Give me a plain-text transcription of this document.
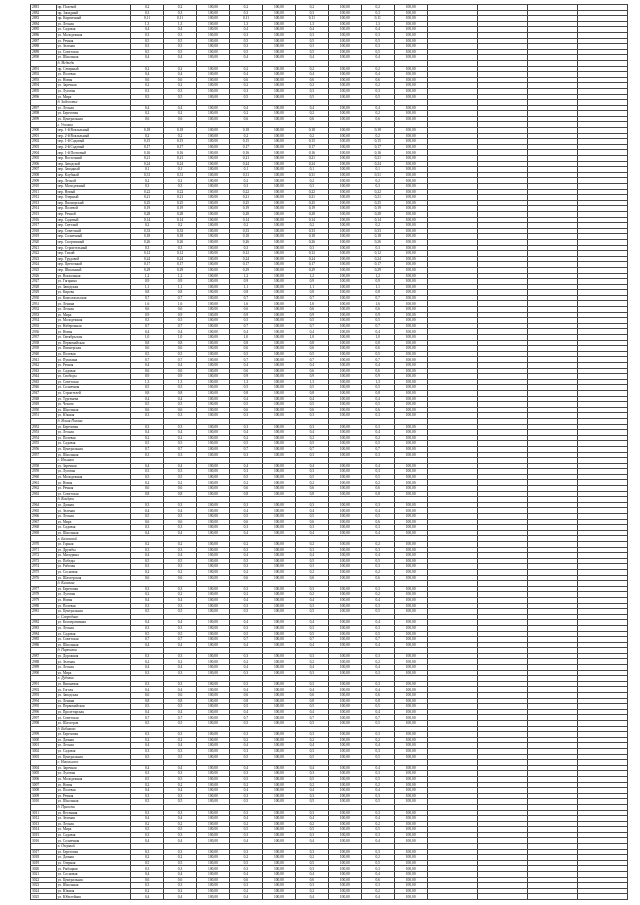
2881	пр. Полевой	0,2	0,2	100,00	0,2	100,00	0,2	100,00	0,2	100,00				
2882	пр. Западный	0,3	0,3	100,00	0,3	100,00	0,3	100,00	0,3	100,00				
2883	пр. Кирпичный	0,11	0,11	100,00	0,11	100,00	0,11	100,00	0,11	100,00				
2884	ул. Лесная	1,3	1,3	100,00	1,3	100,00	1,3	100,00	1,3	100,00				
2885	ул. Садовая	0,4	0,4	100,00	0,4	100,00	0,4	100,00	0,4	100,00				
2886	ул. Молодежная	0,3	0,3	100,00	0,3	100,00	0,3	100,00	0,3	100,00				
2887	ул. Речная	0,5	0,5	100,00	0,5	100,00	0,5	100,00	0,5	100,00				
2888	ул. Зеленая	0,3	0,3	100,00	0,3	100,00	0,3	100,00	0,3	100,00				
2889	ул. Советская	0,5	0,5	100,00	0,5	100,00	0,5	100,00	0,5	100,00				
2890	ул. Школьная	0,4	0,4	100,00	0,4	100,00	0,4	100,00	0,4	100,00				
	д. Медведь													
2891	пр. Северный	0,2	0,2	100,00	0,2	100,00	0,2	100,00	0,2	100,00				
2892	ул. Полевая	0,4	0,4	100,00	0,4	100,00	0,4	100,00	0,4	100,00				
2893	ул. Новая	0,6	0,6	100,00	0,6	100,00	0,6	100,00	0,6	100,00				
2894	ул. Заречная	0,2	0,2	100,00	0,2	100,00	0,2	100,00	0,2	100,00				
2895	ул. Луговая	0,3	0,3	100,00	0,3	100,00	0,3	100,00	0,3	100,00				
2896	ул. Мира	0,5	0,5	100,00	0,5	100,00	0,5	100,00	0,5	100,00				
	д. Заболотье													
2897	ул. Лесная	0,4	0,4	100,00	0,4	100,00	0,4	100,00	0,4	100,00				
2898	ул. Береговая	0,2	0,2	100,00	0,2	100,00	0,2	100,00	0,2	100,00				
2899	ул. Центральная	0,6	0,6	100,00	0,6	100,00	0,6	100,00	0,6	100,00				
	г. Узловая													
2900	пер. 1-й Вокзальный	0,18	0,18	100,00	0,18	100,00	0,18	100,00	0,18	100,00				
2901	пер. 2-й Вокзальный	0,2	0,2	100,00	0,2	100,00	0,2	100,00	0,2	100,00				
2902	пер. 1-й Садовый	0,15	0,15	100,00	0,15	100,00	0,15	100,00	0,15	100,00				
2903	пер. 2-й Садовый	0,17	0,17	100,00	0,17	100,00	0,17	100,00	0,17	100,00				
2904	пер. 1-й Почтовый	0,16	0,16	100,00	0,16	100,00	0,16	100,00	0,16	100,00				
2905	пер. Восточный	0,21	0,21	100,00	0,21	100,00	0,21	100,00	0,21	100,00				
2906	пер. Заводской	0,24	0,24	100,00	0,24	100,00	0,24	100,00	0,24	100,00				
2907	пер. Западный	0,1	0,1	100,00	0,1	100,00	0,1	100,00	0,1	100,00				
2908	пер. Клубный	0,31	0,31	100,00	0,31	100,00	0,31	100,00	0,31	100,00				
2909	пер. Лесной	0,2	0,2	100,00	0,2	100,00	0,2	100,00	0,2	100,00				
2910	пер. Молодежный	0,3	0,3	100,00	0,3	100,00	0,3	100,00	0,3	100,00				
2911	пер. Новый	0,22	0,22	100,00	0,22	100,00	0,22	100,00	0,22	100,00				
2912	пер. Озерный	0,21	0,21	100,00	0,21	100,00	0,21	100,00	0,21	100,00				
2913	пер. Пионерский	0,25	0,25	100,00	0,25	100,00	0,25	100,00	0,25	100,00				
2914	пер. Полевой	0,19	0,19	100,00	0,19	100,00	0,19	100,00	0,19	100,00				
2915	пер. Речной	0,28	0,28	100,00	0,28	100,00	0,28	100,00	0,28	100,00				
2916	пер. Садовый	0,14	0,14	100,00	0,14	100,00	0,14	100,00	0,14	100,00				
2917	пер. Светлый	0,2	0,2	100,00	0,2	100,00	0,2	100,00	0,2	100,00				
2918	пер. Советский	0,33	0,33	100,00	0,33	100,00	0,33	100,00	0,33	100,00				
2919	пер. Солнечный	0,18	0,18	100,00	0,18	100,00	0,18	100,00	0,18	100,00				
2920	пер. Спортивный	0,26	0,26	100,00	0,26	100,00	0,26	100,00	0,26	100,00				
2921	пер. Строительный	0,3	0,3	100,00	0,3	100,00	0,3	100,00	0,3	100,00				
2922	пер. Тихий	0,12	0,12	100,00	0,12	100,00	0,12	100,00	0,12	100,00				
2923	пер. Трудовой	0,24	0,24	100,00	0,24	100,00	0,24	100,00	0,24	100,00				
2924	пер. Цветочный	0,17	0,17	100,00	0,17	100,00	0,17	100,00	0,17	100,00				
2925	пер. Школьный	0,29	0,29	100,00	0,29	100,00	0,29	100,00	0,29	100,00				
2926	ул. Вокзальная	1,2	1,2	100,00	1,2	100,00	1,2	100,00	1,2	100,00				
2927	ул. Гагарина	0,9	0,9	100,00	0,9	100,00	0,9	100,00	0,9	100,00				
2928	ул. Заводская	1,1	1,1	100,00	1,1	100,00	1,1	100,00	1,1	100,00				
2929	ул. Кирова	0,8	0,8	100,00	0,8	100,00	0,8	100,00	0,8	100,00				
2930	ул. Комсомольская	0,7	0,7	100,00	0,7	100,00	0,7	100,00	0,7	100,00				
2931	ул. Ленина	1,6	1,6	100,00	1,6	100,00	1,6	100,00	1,6	100,00				
2932	ул. Лесная	0,6	0,6	100,00	0,6	100,00	0,6	100,00	0,6	100,00				
2933	ул. Мира	0,9	0,9	100,00	0,9	100,00	0,9	100,00	0,9	100,00				
2934	ул. Молодежная	0,5	0,5	100,00	0,5	100,00	0,5	100,00	0,5	100,00				
2935	ул. Набережная	0,7	0,7	100,00	0,7	100,00	0,7	100,00	0,7	100,00				
2936	ул. Новая	0,4	0,4	100,00	0,4	100,00	0,4	100,00	0,4	100,00				
2937	ул. Октябрьская	1,0	1,0	100,00	1,0	100,00	1,0	100,00	1,0	100,00				
2938	ул. Первомайская	0,8	0,8	100,00	0,8	100,00	0,8	100,00	0,8	100,00				
2939	ул. Пионерская	0,6	0,6	100,00	0,6	100,00	0,6	100,00	0,6	100,00				
2940	ул. Полевая	0,5	0,5	100,00	0,5	100,00	0,5	100,00	0,5	100,00				
2941	ул. Пушкина	0,7	0,7	100,00	0,7	100,00	0,7	100,00	0,7	100,00				
2942	ул. Речная	0,4	0,4	100,00	0,4	100,00	0,4	100,00	0,4	100,00				
2943	ул. Садовая	0,6	0,6	100,00	0,6	100,00	0,6	100,00	0,6	100,00				
2944	ул. Свободы	0,9	0,9	100,00	0,9	100,00	0,9	100,00	0,9	100,00				
2945	ул. Советская	1,3	1,3	100,00	1,3	100,00	1,3	100,00	1,3	100,00				
2946	ул. Солнечная	0,5	0,5	100,00	0,5	100,00	0,5	100,00	0,5	100,00				
2947	ул. Строителей	0,8	0,8	100,00	0,8	100,00	0,8	100,00	0,8	100,00				
2948	ул. Тургенева	0,4	0,4	100,00	0,4	100,00	0,4	100,00	0,4	100,00				
2949	ул. Чехова	0,5	0,5	100,00	0,5	100,00	0,5	100,00	0,5	100,00				
2950	ул. Школьная	0,6	0,6	100,00	0,6	100,00	0,6	100,00	0,6	100,00				
2951	ул. Южная	0,3	0,3	100,00	0,3	100,00	0,3	100,00	0,3	100,00				
	д. Ясная Поляна													
2952	ул. Березовая	0,3	0,3	100,00	0,3	100,00	0,3	100,00	0,3	100,00				
2953	ул. Лесная	0,4	0,4	100,00	0,4	100,00	0,4	100,00	0,4	100,00				
2954	ул. Полевая	0,2	0,2	100,00	0,2	100,00	0,2	100,00	0,2	100,00				
2955	ул. Садовая	0,5	0,5	100,00	0,5	100,00	0,5	100,00	0,5	100,00				
2956	ул. Центральная	0,7	0,7	100,00	0,7	100,00	0,7	100,00	0,7	100,00				
2957	ул. Школьная	0,3	0,3	100,00	0,3	100,00	0,3	100,00	0,3	100,00				
	с. Ильинка													
2958	ул. Заречная	0,4	0,4	100,00	0,4	100,00	0,4	100,00	0,4	100,00				
2959	ул. Луговая	0,3	0,3	100,00	0,3	100,00	0,3	100,00	0,3	100,00				
2960	ул. Молодежная	0,5	0,5	100,00	0,5	100,00	0,5	100,00	0,5	100,00				
2961	ул. Новая	0,2	0,2	100,00	0,2	100,00	0,2	100,00	0,2	100,00				
2962	ул. Речная	0,6	0,6	100,00	0,6	100,00	0,6	100,00	0,6	100,00				
2963	ул. Советская	0,8	0,8	100,00	0,8	100,00	0,8	100,00	0,8	100,00				
	д. Кондуки													
2964	ул. Дачная	0,3	0,3	100,00	0,3	100,00	0,3	100,00	0,3	100,00				
2965	ул. Зеленая	0,4	0,4	100,00	0,4	100,00	0,4	100,00	0,4	100,00				
2966	ул. Лесная	0,5	0,5	100,00	0,5	100,00	0,5	100,00	0,5	100,00				
2967	ул. Мира	0,6	0,6	100,00	0,6	100,00	0,6	100,00	0,6	100,00				
2968	ул. Садовая	0,3	0,3	100,00	0,3	100,00	0,3	100,00	0,3	100,00				
2969	ул. Школьная	0,4	0,4	100,00	0,4	100,00	0,4	100,00	0,4	100,00				
	п. Бачевский													
2970	ул. Горная	0,2	0,2	100,00	0,2	100,00	0,2	100,00	0,2	100,00				
2971	ул. Дружбы	0,3	0,3	100,00	0,3	100,00	0,3	100,00	0,3	100,00				
2972	ул. Мичурина	0,4	0,4	100,00	0,4	100,00	0,4	100,00	0,4	100,00				
2973	ул. Победы	0,5	0,5	100,00	0,5	100,00	0,5	100,00	0,5	100,00				
2974	ул. Рабочая	0,3	0,3	100,00	0,3	100,00	0,3	100,00	0,3	100,00				
2975	ул. Сосновая	0,2	0,2	100,00	0,2	100,00	0,2	100,00	0,2	100,00				
2976	ул. Шахтерская	0,6	0,6	100,00	0,6	100,00	0,6	100,00	0,6	100,00				
	д. Каменка													
2977	ул. Береговая	0,3	0,3	100,00	0,3	100,00	0,3	100,00	0,3	100,00				
2978	ул. Луговая	0,2	0,2	100,00	0,2	100,00	0,2	100,00	0,2	100,00				
2979	ул. Новая	0,4	0,4	100,00	0,4	100,00	0,4	100,00	0,4	100,00				
2980	ул. Полевая	0,3	0,3	100,00	0,3	100,00	0,3	100,00	0,3	100,00				
2981	ул. Центральная	0,5	0,5	100,00	0,5	100,00	0,5	100,00	0,5	100,00				
	с. Смородино													
2982	ул. Кооперативная	0,4	0,4	100,00	0,4	100,00	0,4	100,00	0,4	100,00				
2983	ул. Лесная	0,3	0,3	100,00	0,3	100,00	0,3	100,00	0,3	100,00				
2984	ул. Садовая	0,5	0,5	100,00	0,5	100,00	0,5	100,00	0,5	100,00				
2985	ул. Советская	0,7	0,7	100,00	0,7	100,00	0,7	100,00	0,7	100,00				
2986	ул. Школьная	0,4	0,4	100,00	0,4	100,00	0,4	100,00	0,4	100,00				
	д. Партизан													
2987	ул. Дорожная	0,3	0,3	100,00	0,3	100,00	0,3	100,00	0,3	100,00				
2988	ул. Зеленая	0,2	0,2	100,00	0,2	100,00	0,2	100,00	0,2	100,00				
2989	ул. Лесная	0,4	0,4	100,00	0,4	100,00	0,4	100,00	0,4	100,00				
2990	ул. Мира	0,3	0,3	100,00	0,3	100,00	0,3	100,00	0,3	100,00				
	п. Дубовка													
2991	ул. Вишневая	0,3	0,3	100,00	0,3	100,00	0,3	100,00	0,3	100,00				
2992	ул. Гоголя	0,4	0,4	100,00	0,4	100,00	0,4	100,00	0,4	100,00				
2993	ул. Заводская	0,6	0,6	100,00	0,6	100,00	0,6	100,00	0,6	100,00				
2994	ул. Ленина	0,8	0,8	100,00	0,8	100,00	0,8	100,00	0,8	100,00				
2995	ул. Первомайская	0,5	0,5	100,00	0,5	100,00	0,5	100,00	0,5	100,00				
2996	ул. Пролетарская	0,4	0,4	100,00	0,4	100,00	0,4	100,00	0,4	100,00				
2997	ул. Советская	0,7	0,7	100,00	0,7	100,00	0,7	100,00	0,7	100,00				
2998	ул. Шахтеров	0,5	0,5	100,00	0,5	100,00	0,5	100,00	0,5	100,00				
	д. Бибиково													
2999	ул. Березовая	0,3	0,3	100,00	0,3	100,00	0,3	100,00	0,3	100,00				
3000	ул. Дачная	0,2	0,2	100,00	0,2	100,00	0,2	100,00	0,2	100,00				
3001	ул. Лесная	0,4	0,4	100,00	0,4	100,00	0,4	100,00	0,4	100,00				
3002	ул. Садовая	0,3	0,3	100,00	0,3	100,00	0,3	100,00	0,3	100,00				
3003	ул. Центральная	0,5	0,5	100,00	0,5	100,00	0,5	100,00	0,5	100,00				
	с. Никольское													
3004	ул. Заречная	0,4	0,4	100,00	0,4	100,00	0,4	100,00	0,4	100,00				
3005	ул. Луговая	0,3	0,3	100,00	0,3	100,00	0,3	100,00	0,3	100,00				
3006	ул. Молодежная	0,5	0,5	100,00	0,5	100,00	0,5	100,00	0,5	100,00				
3007	ул. Новая	0,2	0,2	100,00	0,2	100,00	0,2	100,00	0,2	100,00				
3008	ул. Полевая	0,4	0,4	100,00	0,4	100,00	0,4	100,00	0,4	100,00				
3009	ул. Речная	0,3	0,3	100,00	0,3	100,00	0,3	100,00	0,3	100,00				
3010	ул. Школьная	0,5	0,5	100,00	0,5	100,00	0,5	100,00	0,5	100,00				
	д. Прилепы													
3011	ул. Весенняя	0,3	0,3	100,00	0,3	100,00	0,3	100,00	0,3	100,00				
3012	ул. Зеленая	0,4	0,4	100,00	0,4	100,00	0,4	100,00	0,4	100,00				
3013	ул. Лесная	0,2	0,2	100,00	0,2	100,00	0,2	100,00	0,2	100,00				
3014	ул. Мира	0,5	0,5	100,00	0,5	100,00	0,5	100,00	0,5	100,00				
3015	ул. Садовая	0,3	0,3	100,00	0,3	100,00	0,3	100,00	0,3	100,00				
3016	ул. Солнечная	0,4	0,4	100,00	0,4	100,00	0,4	100,00	0,4	100,00				
	п. Озерный													
3017	ул. Береговая	0,3	0,3	100,00	0,3	100,00	0,3	100,00	0,3	100,00				
3018	ул. Дачная	0,2	0,2	100,00	0,2	100,00	0,2	100,00	0,2	100,00				
3019	ул. Озерная	0,5	0,5	100,00	0,5	100,00	0,5	100,00	0,5	100,00				
3020	ул. Рыбацкая	0,3	0,3	100,00	0,3	100,00	0,3	100,00	0,3	100,00				
3021	ул. Сосновая	0,4	0,4	100,00	0,4	100,00	0,4	100,00	0,4	100,00				
3022	ул. Центральная	0,6	0,6	100,00	0,6	100,00	0,6	100,00	0,6	100,00				
3023	ул. Школьная	0,3	0,3	100,00	0,3	100,00	0,3	100,00	0,3	100,00				
3024	ул. Южная	0,2	0,2	100,00	0,2	100,00	0,2	100,00	0,2	100,00				
3025	ул. Юбилейная	0,4	0,4	100,00	0,4	100,00	0,4	100,00	0,4	100,00				
